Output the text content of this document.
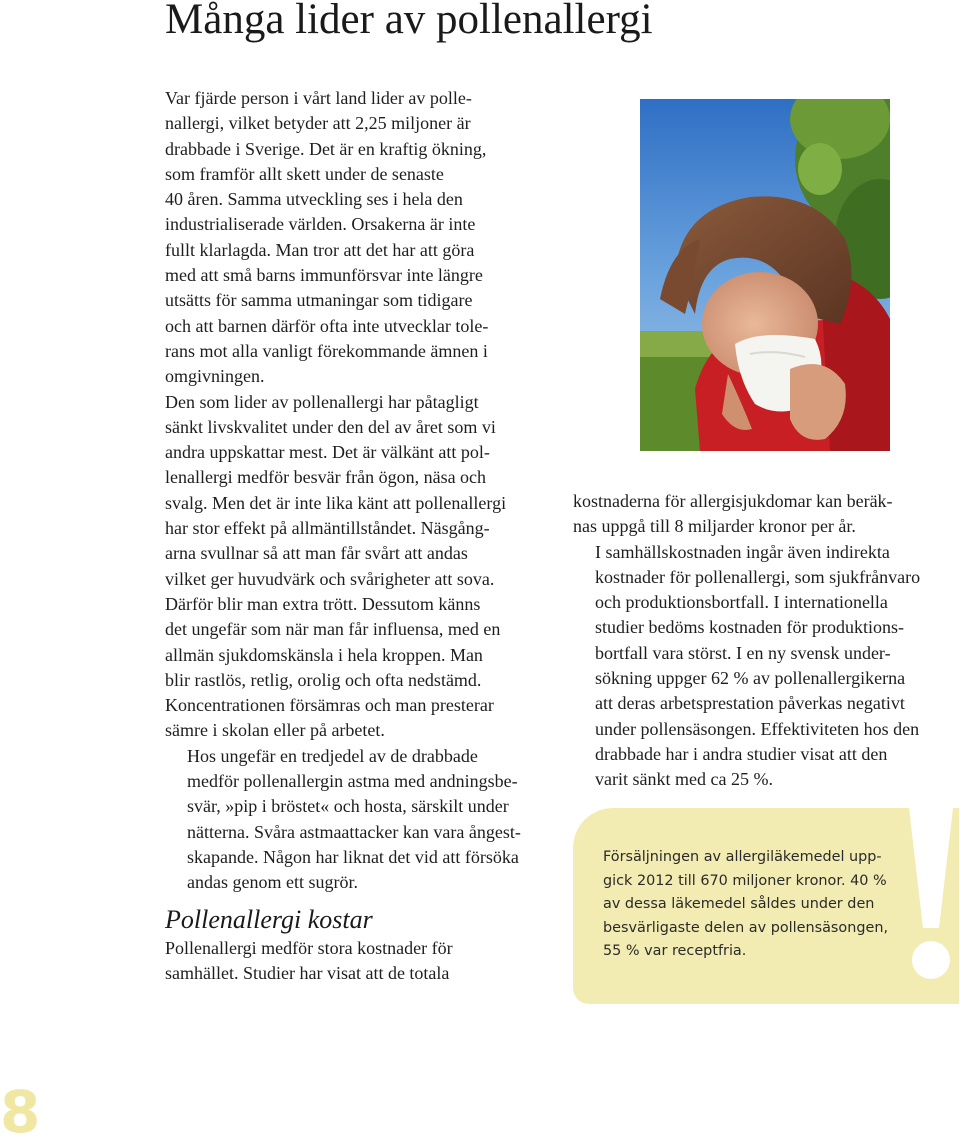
Många lider av pollenallergi

Var fjärde person i vårt land lider av polle-
nallergi, vilket betyder att 2,25 miljoner är
drabbade i Sverige. Det är en kraftig ökning,
som framför allt skett under de senaste
40 åren. Samma utveckling ses i hela den
industrialiserade världen. Orsakerna är inte
fullt klarlagda. Man tror att det har att göra
med att små barns immunförsvar inte längre
utsätts för samma utmaningar som tidigare
och att barnen därför ofta inte utvecklar tole-
rans mot alla vanligt förekommande ämnen i
omgivningen.

Den som lider av pollenallergi har påtagligt
sänkt livskvalitet under den del av året som vi
andra uppskattar mest. Det är välkänt att pol-
lenallergi medför besvär från ögon, näsa och
svalg. Men det är inte lika känt att pollenallergi
har stor effekt på allmäntillståndet. Näsgång-
arna svullnar så att man får svårt att andas
vilket ger huvudvärk och svårigheter att sova.
Därför blir man extra trött. Dessutom känns
det ungefär som när man får influensa, med en
allmän sjukdomskänsla i hela kroppen. Man
blir rastlös, retlig, orolig och ofta nedstämd.
Koncentrationen försämras och man presterar
sämre i skolan eller på arbetet.

Hos ungefär en tredjedel av de drabbade
medför pollenallergin astma med andningsbe-
svär, »pip i bröstet« och hosta, särskilt under
nätterna. Svåra astmaattacker kan vara ångest-
skapande. Någon har liknat det vid att försöka
andas genom ett sugrör.

Pollenallergi kostar

Pollenallergi medför stora kostnader för
samhället. Studier har visat att de totala

kostnaderna för allergisjukdomar kan beräk-
nas uppgå till 8 miljarder kronor per år.

I samhällskostnaden ingår även indirekta
kostnader för pollenallergi, som sjukfrånvaro
och produktionsbortfall. I internationella
studier bedöms kostnaden för produktions-
bortfall vara störst. I en ny svensk under-
sökning uppger 62 % av pollenallergikerna
att deras arbetsprestation påverkas negativt
under pollensäsongen. Effektiviteten hos den
drabbade har i andra studier visat att den
varit sänkt med ca 25 %.

Försäljningen av allergiläkemedel upp-
gick 2012 till 670 miljoner kronor. 40 %
av dessa läkemedel såldes under den
besvärligaste delen av pollensäsongen,
55 % var receptfria.
8
